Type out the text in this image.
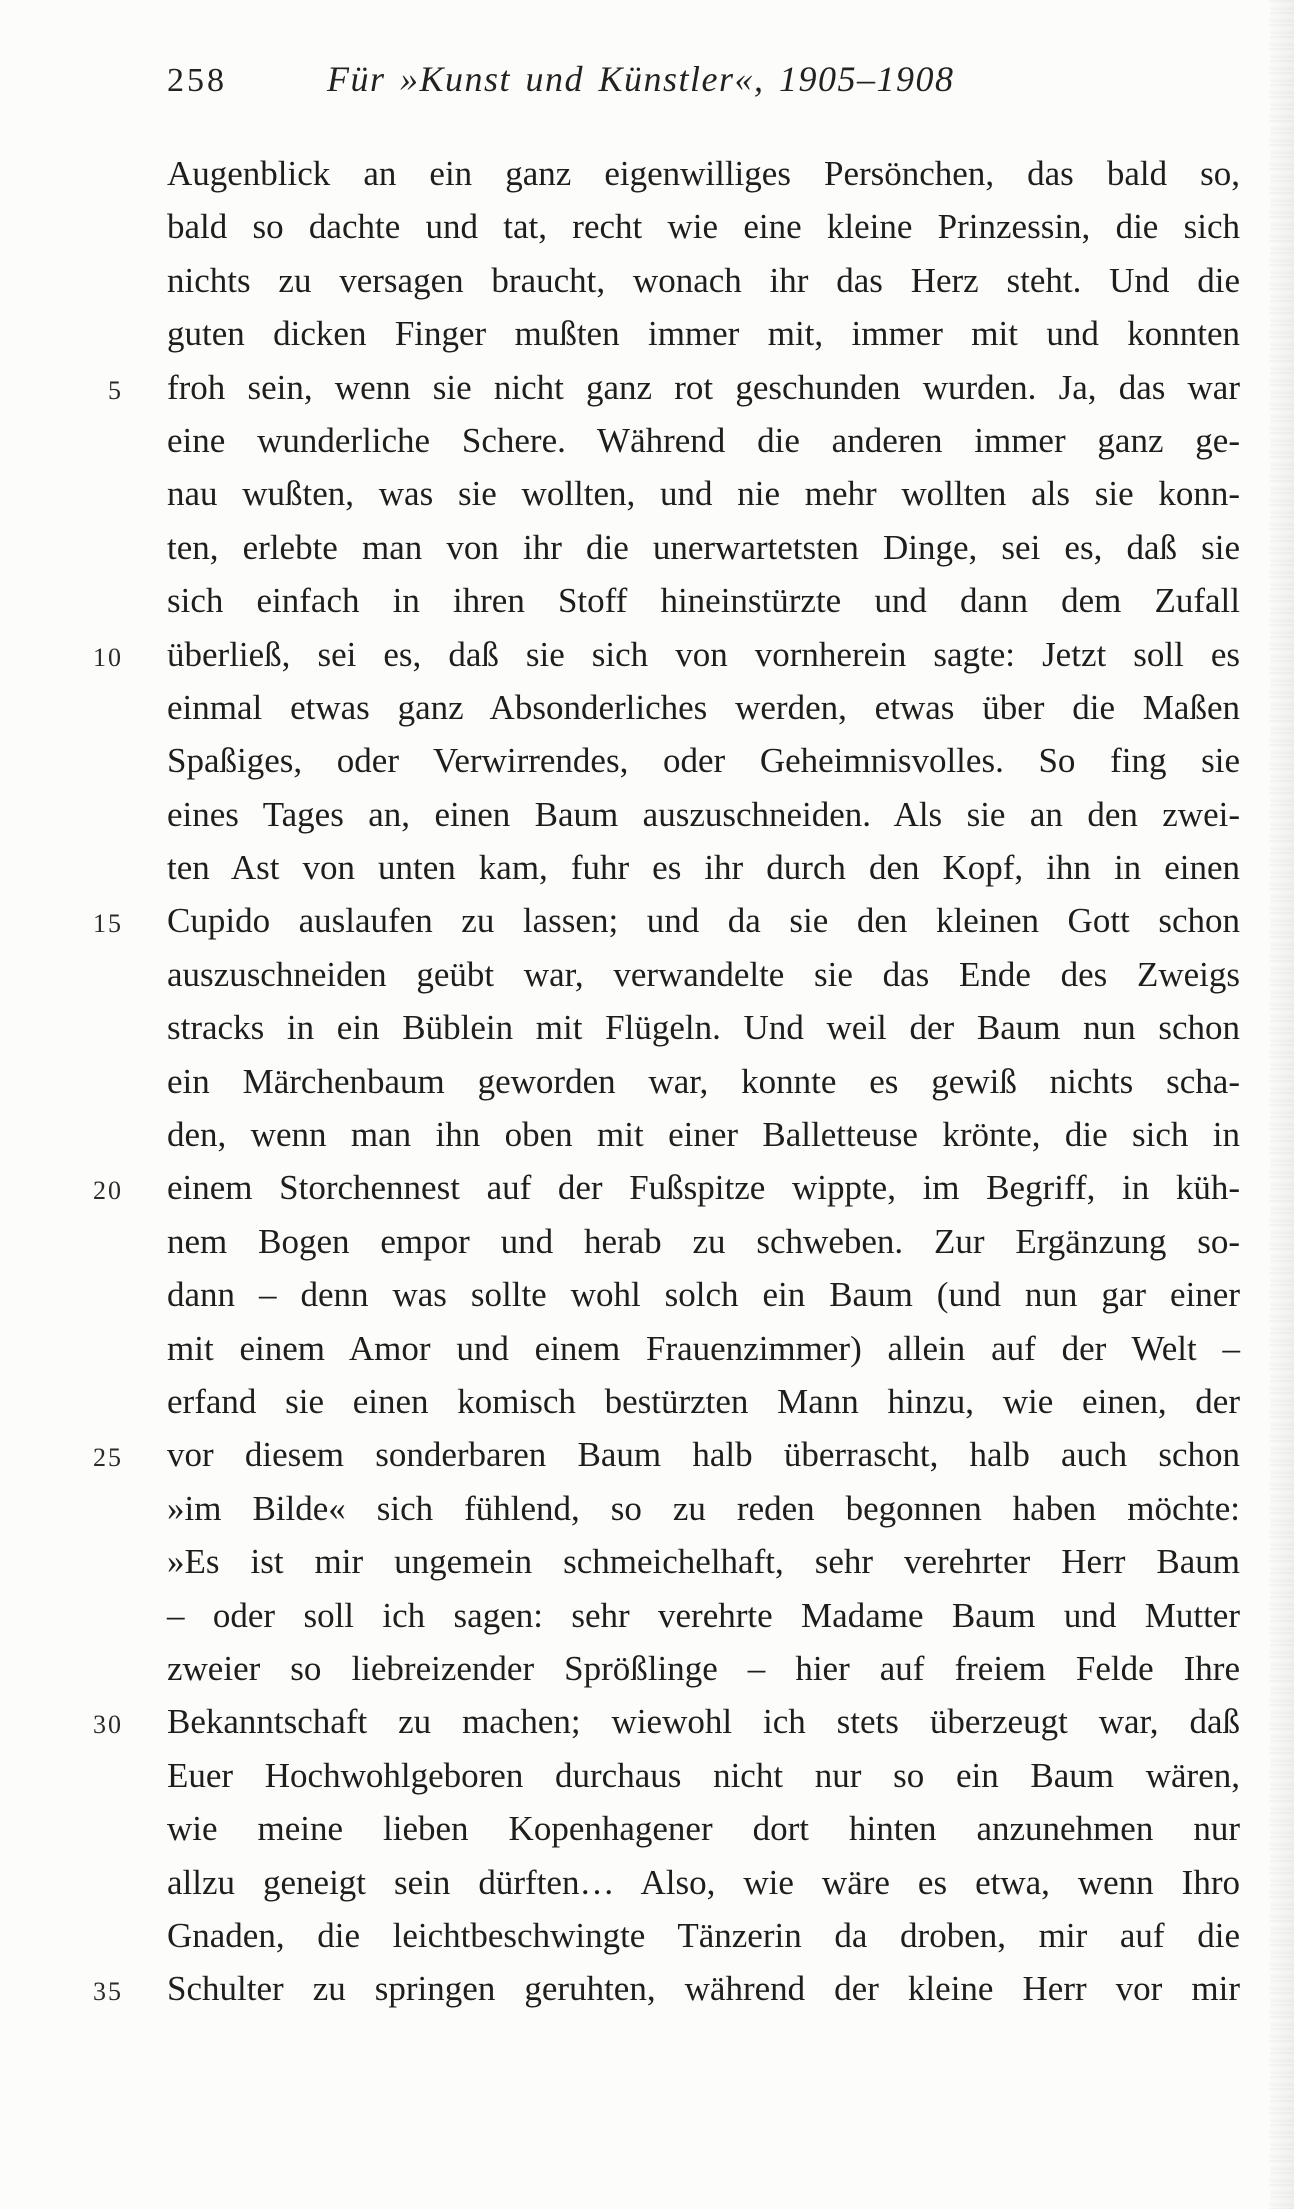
258	Für »Kunst und Künstler«, 1905–1908
Augenblick an ein ganz eigenwilliges Persönchen, das bald so,
bald so dachte und tat, recht wie eine kleine Prinzessin, die sich
nichts zu versagen braucht, wonach ihr das Herz steht. Und die
guten dicken Finger mußten immer mit, immer mit und konnten
5	froh sein, wenn sie nicht ganz rot geschunden wurden. Ja, das war
eine wunderliche Schere. Während die anderen immer ganz ge-
nau wußten, was sie wollten, und nie mehr wollten als sie konn-
ten, erlebte man von ihr die unerwartetsten Dinge, sei es, daß sie
sich einfach in ihren Stoff hineinstürzte und dann dem Zufall
10	überließ, sei es, daß sie sich von vornherein sagte: Jetzt soll es
einmal etwas ganz Absonderliches werden, etwas über die Maßen
Spaßiges, oder Verwirrendes, oder Geheimnisvolles. So fing sie
eines Tages an, einen Baum auszuschneiden. Als sie an den zwei-
ten Ast von unten kam, fuhr es ihr durch den Kopf, ihn in einen
15	Cupido auslaufen zu lassen; und da sie den kleinen Gott schon
auszuschneiden geübt war, verwandelte sie das Ende des Zweigs
stracks in ein Büblein mit Flügeln. Und weil der Baum nun schon
ein Märchenbaum geworden war, konnte es gewiß nichts scha-
den, wenn man ihn oben mit einer Balletteuse krönte, die sich in
20	einem Storchennest auf der Fußspitze wippte, im Begriff, in küh-
nem Bogen empor und herab zu schweben. Zur Ergänzung so-
dann – denn was sollte wohl solch ein Baum (und nun gar einer
mit einem Amor und einem Frauenzimmer) allein auf der Welt –
erfand sie einen komisch bestürzten Mann hinzu, wie einen, der
25	vor diesem sonderbaren Baum halb überrascht, halb auch schon
»im Bilde« sich fühlend, so zu reden begonnen haben möchte:
»Es ist mir ungemein schmeichelhaft, sehr verehrter Herr Baum
– oder soll ich sagen: sehr verehrte Madame Baum und Mutter
zweier so liebreizender Sprößlinge – hier auf freiem Felde Ihre
30	Bekanntschaft zu machen; wiewohl ich stets überzeugt war, daß
Euer Hochwohlgeboren durchaus nicht nur so ein Baum wären,
wie meine lieben Kopenhagener dort hinten anzunehmen nur
allzu geneigt sein dürften… Also, wie wäre es etwa, wenn Ihro
Gnaden, die leichtbeschwingte Tänzerin da droben, mir auf die
35	Schulter zu springen geruhten, während der kleine Herr vor mir
